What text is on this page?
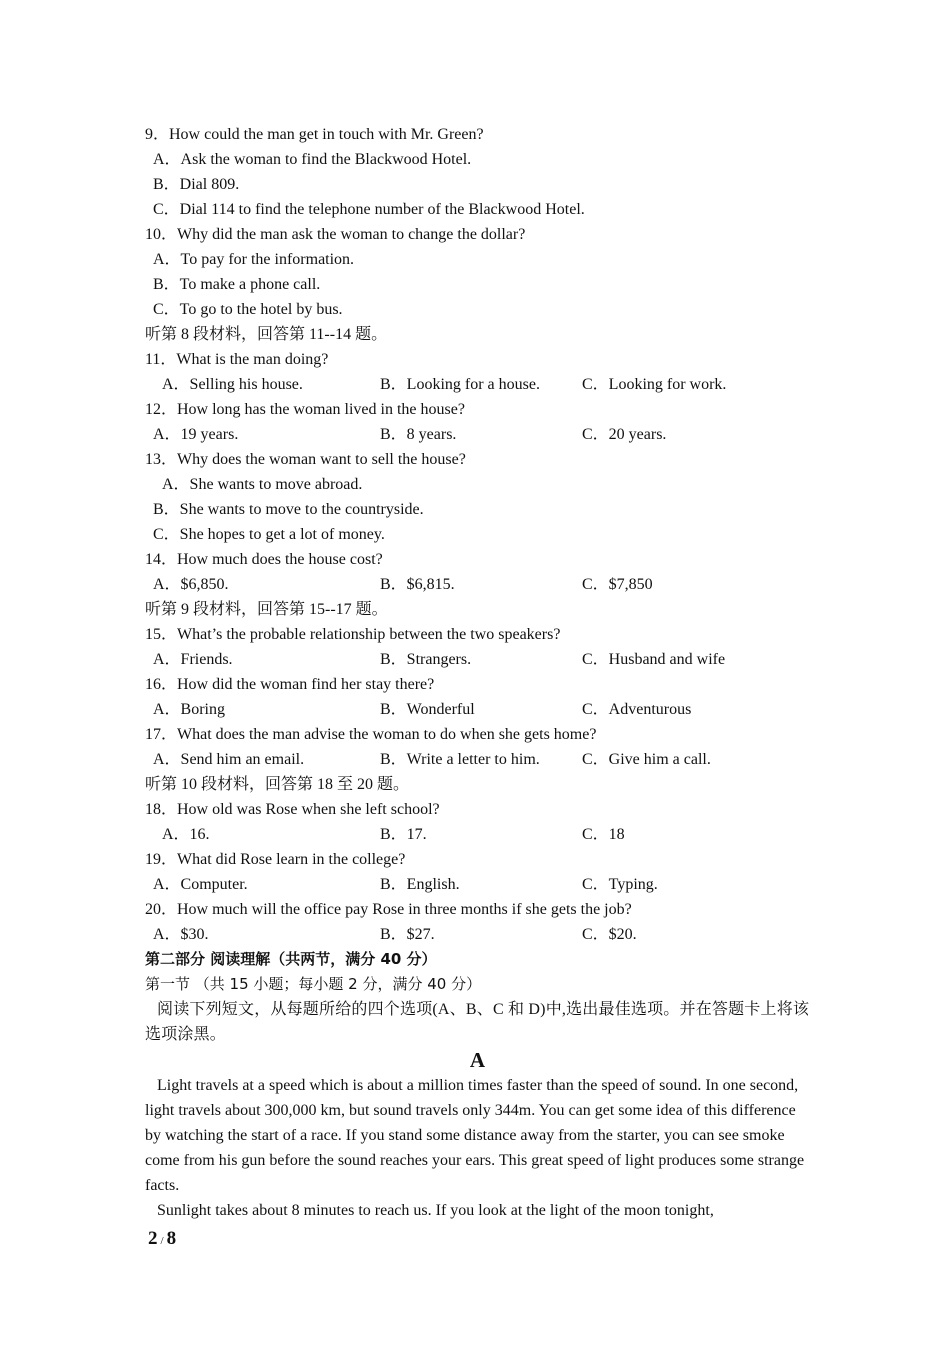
9．How could the man get in touch with Mr. Green?
A．Ask the woman to find the Blackwood Hotel.
B．Dial 809.
C．Dial 114 to find the telephone number of the Blackwood Hotel.
10．Why did the man ask the woman to change the dollar?
A．To pay for the information.
B．To make a phone call.
C．To go to the hotel by bus.
听第 8 段材料，回答第 11--14 题。
11．What is the man doing?
A．Selling his house.	B．Looking for a house.	C．Looking for work.
12．How long has the woman lived in the house?
A．19 years.	B．8 years.	C．20 years.
13．Why does the woman want to sell the house?
A．She wants to move abroad.
B．She wants to move to the countryside.
C．She hopes to get a lot of money.
14．How much does the house cost?
A．$6,850.	B．$6,815.	C．$7,850
听第 9 段材料，回答第 15--17 题。
15．What’s the probable relationship between the two speakers?
A．Friends.	B．Strangers.	C．Husband and wife
16．How did the woman find her stay there?
A．Boring	B．Wonderful	C．Adventurous
17．What does the man advise the woman to do when she gets home?
A．Send him an email.	B．Write a letter to him.	C．Give him a call.
听第 10 段材料，回答第 18 至 20 题。
18．How old was Rose when she left school?
A．16.	B．17.	C．18
19．What did Rose learn in the college?
A．Computer.	B．English.	C．Typing.
20．How much will the office pay Rose in three months if she gets the job?
A．$30.	B．$27.	C．$20.
第二部分 阅读理解（共两节，满分 40 分）
第一节 （共 15 小题；每小题 2 分，满分 40 分）
阅读下列短文，从每题所给的四个选项(A、B、C 和 D)中,选出最佳选项。并在答题卡上将该选项涂黑。
A
Light travels at a speed which is about a million times faster than the speed of sound. In one second, light travels about 300,000 km, but sound travels only 344m. You can get some idea of this difference by watching the start of a race. If you stand some distance away from the starter, you can see smoke come from his gun before the sound reaches your ears. This great speed of light produces some strange facts.
Sunlight takes about 8 minutes to reach us. If you look at the light of the moon tonight,
2 / 8
